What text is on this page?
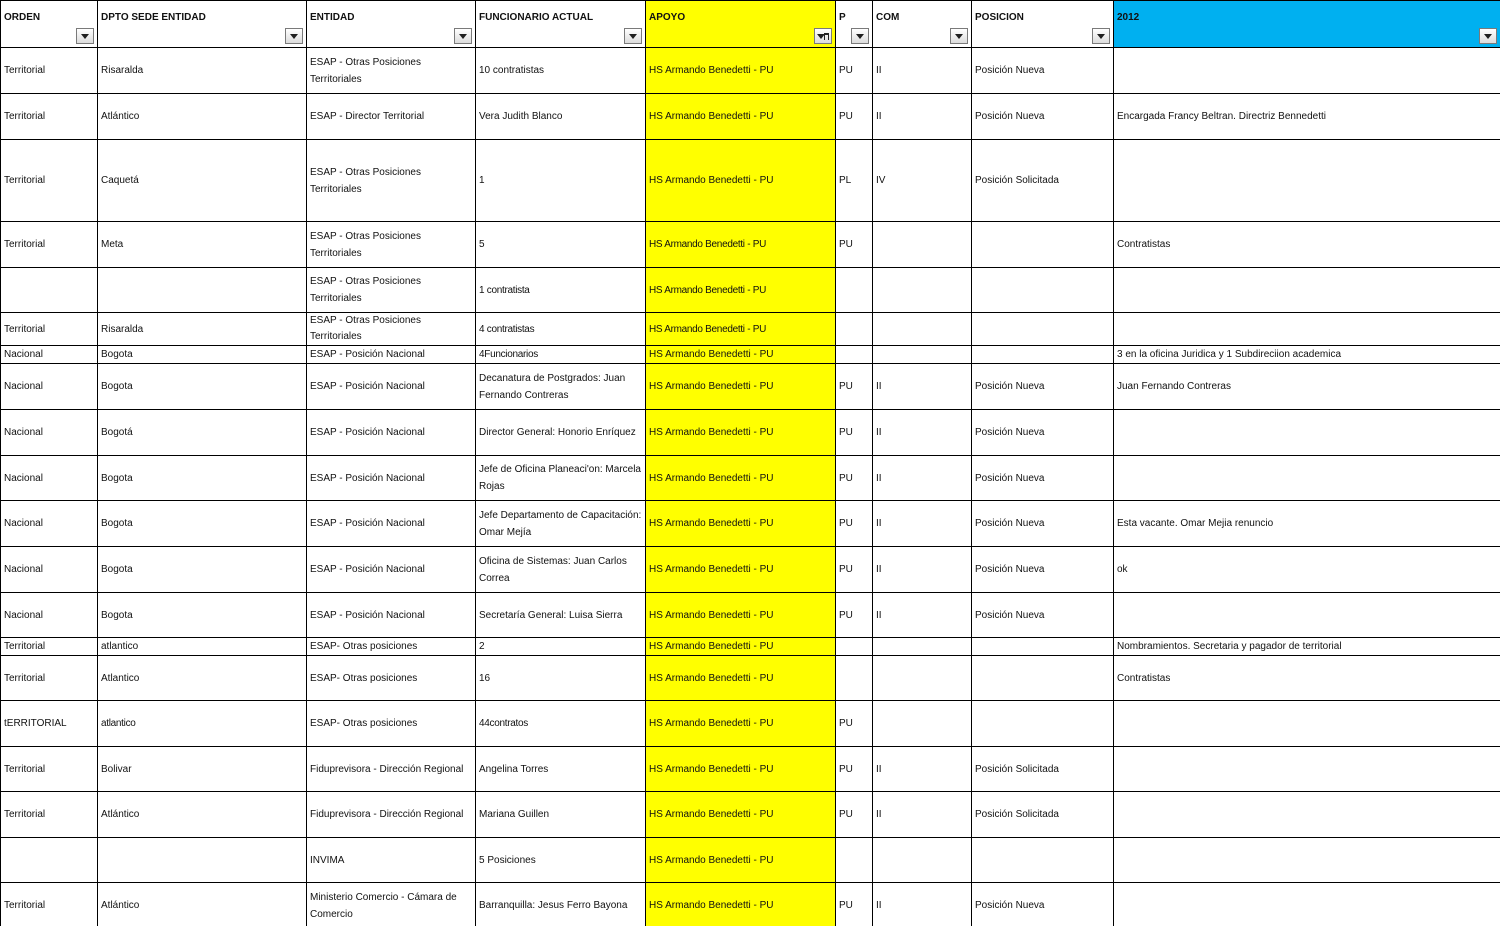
ORDEN	DPTO SEDE ENTIDAD	ENTIDAD	FUNCIONARIO ACTUAL	APOYO	P	COM	POSICION	2012

Territorial	Risaralda	ESAP - Otras Posiciones Territoriales	10 contratistas	HS Armando Benedetti - PU	PU	II	Posición Nueva	
Territorial	Atlántico	ESAP - Director Territorial	Vera Judith Blanco	HS Armando Benedetti - PU	PU	II	Posición Nueva	Encargada Francy Beltran. Directriz Bennedetti
Territorial	Caquetá	ESAP - Otras Posiciones Territoriales	1	HS Armando Benedetti - PU	PL	IV	Posición Solicitada	
Territorial	Meta	ESAP - Otras Posiciones Territoriales	5	HS Armando Benedetti - PU	PU			Contratistas
		ESAP - Otras Posiciones Territoriales	1 contratista	HS Armando Benedetti - PU				
Territorial	Risaralda	ESAP - Otras Posiciones Territoriales	4 contratistas	HS Armando Benedetti - PU				
Nacional	Bogota	ESAP - Posición Nacional	4Funcionarios	HS Armando Benedetti - PU				3 en la oficina Juridica y 1 Subdireciion academica
Nacional	Bogota	ESAP - Posición Nacional	Decanatura de Postgrados: Juan Fernando Contreras	HS Armando Benedetti - PU	PU	II	Posición Nueva	Juan Fernando Contreras
Nacional	Bogotá	ESAP - Posición Nacional	Director General: Honorio Enríquez	HS Armando Benedetti - PU	PU	II	Posición Nueva	
Nacional	Bogota	ESAP - Posición Nacional	Jefe de Oficina Planeaci'on: Marcela Rojas	HS Armando Benedetti - PU	PU	II	Posición Nueva	
Nacional	Bogota	ESAP - Posición Nacional	Jefe Departamento de Capacitación: Omar Mejía	HS Armando Benedetti - PU	PU	II	Posición Nueva	Esta vacante. Omar Mejia renuncio
Nacional	Bogota	ESAP - Posición Nacional	Oficina de Sistemas: Juan Carlos Correa	HS Armando Benedetti - PU	PU	II	Posición Nueva	ok
Nacional	Bogota	ESAP - Posición Nacional	Secretaría General: Luisa Sierra	HS Armando Benedetti - PU	PU	II	Posición Nueva	
Territorial	atlantico	ESAP- Otras posiciones	2	HS Armando Benedetti - PU				Nombramientos. Secretaria y pagador de territorial
Territorial	Atlantico	ESAP- Otras posiciones	16	HS Armando Benedetti - PU				Contratistas
tERRITORIAL	atlantico	ESAP- Otras posiciones	44contratos	HS Armando Benedetti - PU	PU			
Territorial	Bolivar	Fiduprevisora - Dirección Regional	Angelina Torres	HS Armando Benedetti - PU	PU	II	Posición Solicitada	
Territorial	Atlántico	Fiduprevisora - Dirección Regional	Mariana Guillen	HS Armando Benedetti - PU	PU	II	Posición Solicitada	
		INVIMA	5 Posiciones	HS Armando Benedetti - PU				
Territorial	Atlántico	Ministerio Comercio - Cámara de Comercio	Barranquilla: Jesus Ferro Bayona	HS Armando Benedetti - PU	PU	II	Posición Nueva	
